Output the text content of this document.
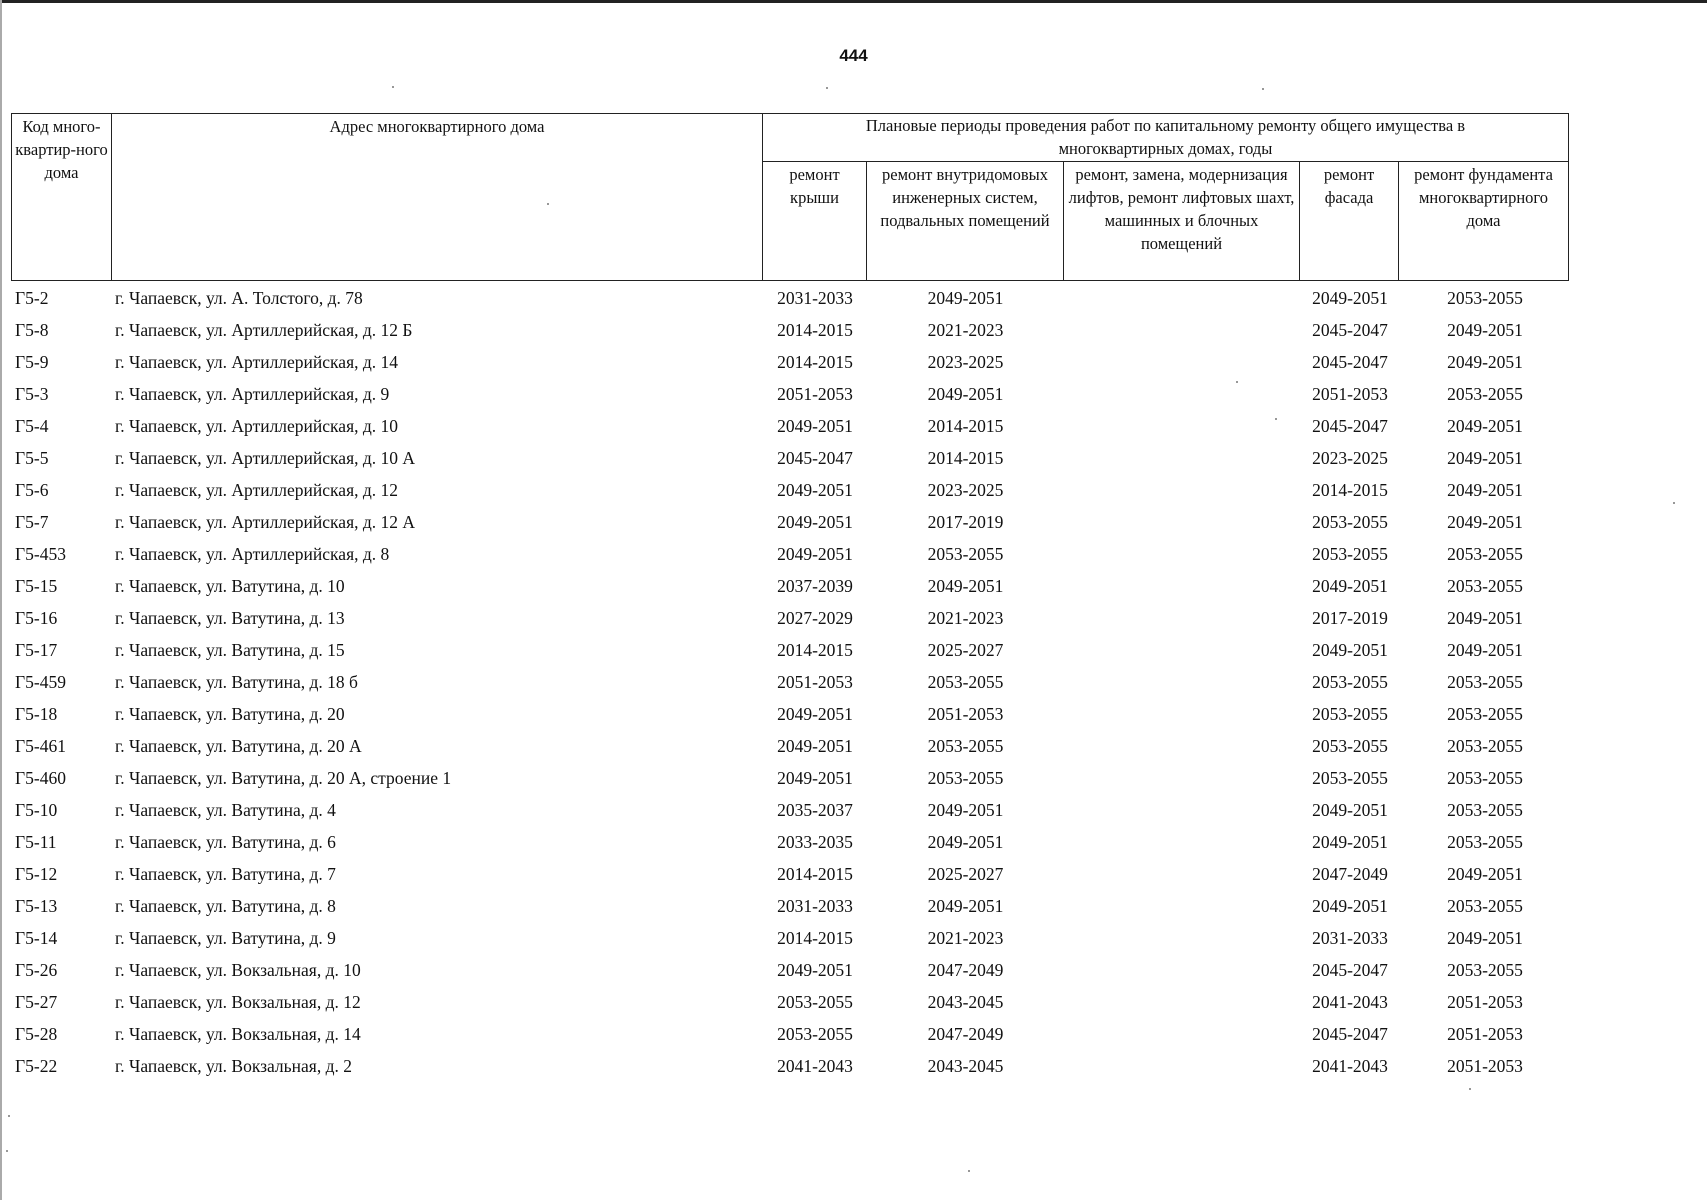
444
Код много-квартир-ного дома	Адрес многоквартирного дома	Плановые периоды проведения работ по капитальному ремонту общего имущества в многоквартирных домах, годы				
		ремонт крыши	ремонт внутридомовых инженерных систем, подвальных помещений	ремонт, замена, модернизация лифтов, ремонт лифтовых шахт, машинных и блочных помещений	ремонт фасада	ремонт фундамента многоквартирного дома
Г5-2	г. Чапаевск, ул. А. Толстого, д. 78	2031-2033	2049-2051		2049-2051	2053-2055
Г5-8	г. Чапаевск, ул. Артиллерийская, д. 12 Б	2014-2015	2021-2023		2045-2047	2049-2051
Г5-9	г. Чапаевск, ул. Артиллерийская, д. 14	2014-2015	2023-2025		2045-2047	2049-2051
Г5-3	г. Чапаевск, ул. Артиллерийская, д. 9	2051-2053	2049-2051		2051-2053	2053-2055
Г5-4	г. Чапаевск, ул. Артиллерийская, д. 10	2049-2051	2014-2015		2045-2047	2049-2051
Г5-5	г. Чапаевск, ул. Артиллерийская, д. 10 А	2045-2047	2014-2015		2023-2025	2049-2051
Г5-6	г. Чапаевск, ул. Артиллерийская, д. 12	2049-2051	2023-2025		2014-2015	2049-2051
Г5-7	г. Чапаевск, ул. Артиллерийская, д. 12 А	2049-2051	2017-2019		2053-2055	2049-2051
Г5-453	г. Чапаевск, ул. Артиллерийская, д. 8	2049-2051	2053-2055		2053-2055	2053-2055
Г5-15	г. Чапаевск, ул. Ватутина, д. 10	2037-2039	2049-2051		2049-2051	2053-2055
Г5-16	г. Чапаевск, ул. Ватутина, д. 13	2027-2029	2021-2023		2017-2019	2049-2051
Г5-17	г. Чапаевск, ул. Ватутина, д. 15	2014-2015	2025-2027		2049-2051	2049-2051
Г5-459	г. Чапаевск, ул. Ватутина, д. 18 б	2051-2053	2053-2055		2053-2055	2053-2055
Г5-18	г. Чапаевск, ул. Ватутина, д. 20	2049-2051	2051-2053		2053-2055	2053-2055
Г5-461	г. Чапаевск, ул. Ватутина, д. 20 А	2049-2051	2053-2055		2053-2055	2053-2055
Г5-460	г. Чапаевск, ул. Ватутина, д. 20 А, строение 1	2049-2051	2053-2055		2053-2055	2053-2055
Г5-10	г. Чапаевск, ул. Ватутина, д. 4	2035-2037	2049-2051		2049-2051	2053-2055
Г5-11	г. Чапаевск, ул. Ватутина, д. 6	2033-2035	2049-2051		2049-2051	2053-2055
Г5-12	г. Чапаевск, ул. Ватутина, д. 7	2014-2015	2025-2027		2047-2049	2049-2051
Г5-13	г. Чапаевск, ул. Ватутина, д. 8	2031-2033	2049-2051		2049-2051	2053-2055
Г5-14	г. Чапаевск, ул. Ватутина, д. 9	2014-2015	2021-2023		2031-2033	2049-2051
Г5-26	г. Чапаевск, ул. Вокзальная, д. 10	2049-2051	2047-2049		2045-2047	2053-2055
Г5-27	г. Чапаевск, ул. Вокзальная, д. 12	2053-2055	2043-2045		2041-2043	2051-2053
Г5-28	г. Чапаевск, ул. Вокзальная, д. 14	2053-2055	2047-2049		2045-2047	2051-2053
Г5-22	г. Чапаевск, ул. Вокзальная, д. 2	2041-2043	2043-2045		2041-2043	2051-2053
